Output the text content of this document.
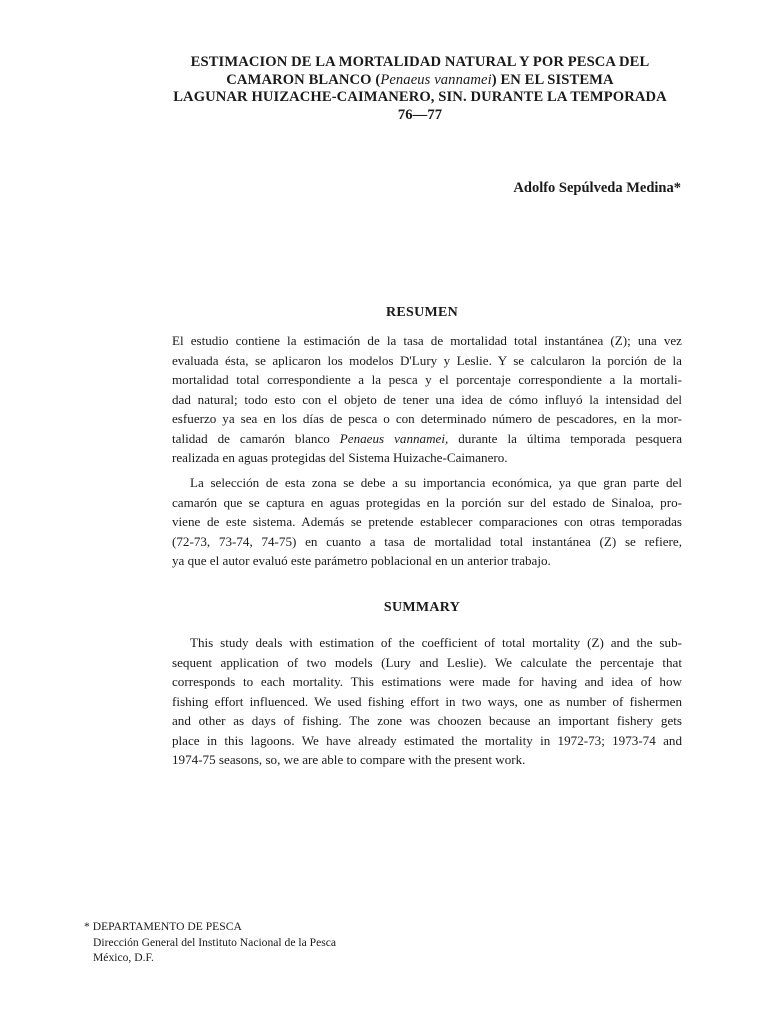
ESTIMACION DE LA MORTALIDAD NATURAL Y POR PESCA DEL
CAMARON BLANCO (Penaeus vannamei) EN EL SISTEMA
LAGUNAR HUIZACHE-CAIMANERO, SIN. DURANTE LA TEMPORADA
76—77
Adolfo Sepúlveda Medina*
RESUMEN
El estudio contiene la estimación de la tasa de mortalidad total instantánea (Z); una vez
evaluada ésta, se aplicaron los modelos D'Lury y Leslie. Y se calcularon la porción de la
mortalidad total correspondiente a la pesca y el porcentaje correspondiente a la mortali-
dad natural; todo esto con el objeto de tener una idea de cómo influyó la intensidad del
esfuerzo ya sea en los días de pesca o con determinado número de pescadores, en la mor-
talidad de camarón blanco Penaeus vannamei, durante la última temporada pesquera
realizada en aguas protegidas del Sistema Huizache-Caimanero.
La selección de esta zona se debe a su importancia económica, ya que gran parte del
camarón que se captura en aguas protegidas en la porción sur del estado de Sinaloa, pro-
viene de este sistema. Además se pretende establecer comparaciones con otras temporadas
(72-73, 73-74, 74-75) en cuanto a tasa de mortalidad total instantánea (Z) se refiere,
ya que el autor evaluó este parámetro poblacional en un anterior trabajo.
SUMMARY
This study deals with estimation of the coefficient of total mortality (Z) and the sub-
sequent application of two models (Lury and Leslie). We calculate the percentaje that
corresponds to each mortality. This estimations were made for having and idea of how
fishing effort influenced. We used fishing effort in two ways, one as number of fishermen
and other as days of fishing. The zone was choozen because an important fishery gets
place in this lagoons. We have already estimated the mortality in 1972-73; 1973-74 and
1974-75 seasons, so, we are able to compare with the present work.
* DEPARTAMENTO DE PESCA
Dirección General del Instituto Nacional de la Pesca
México, D.F.
